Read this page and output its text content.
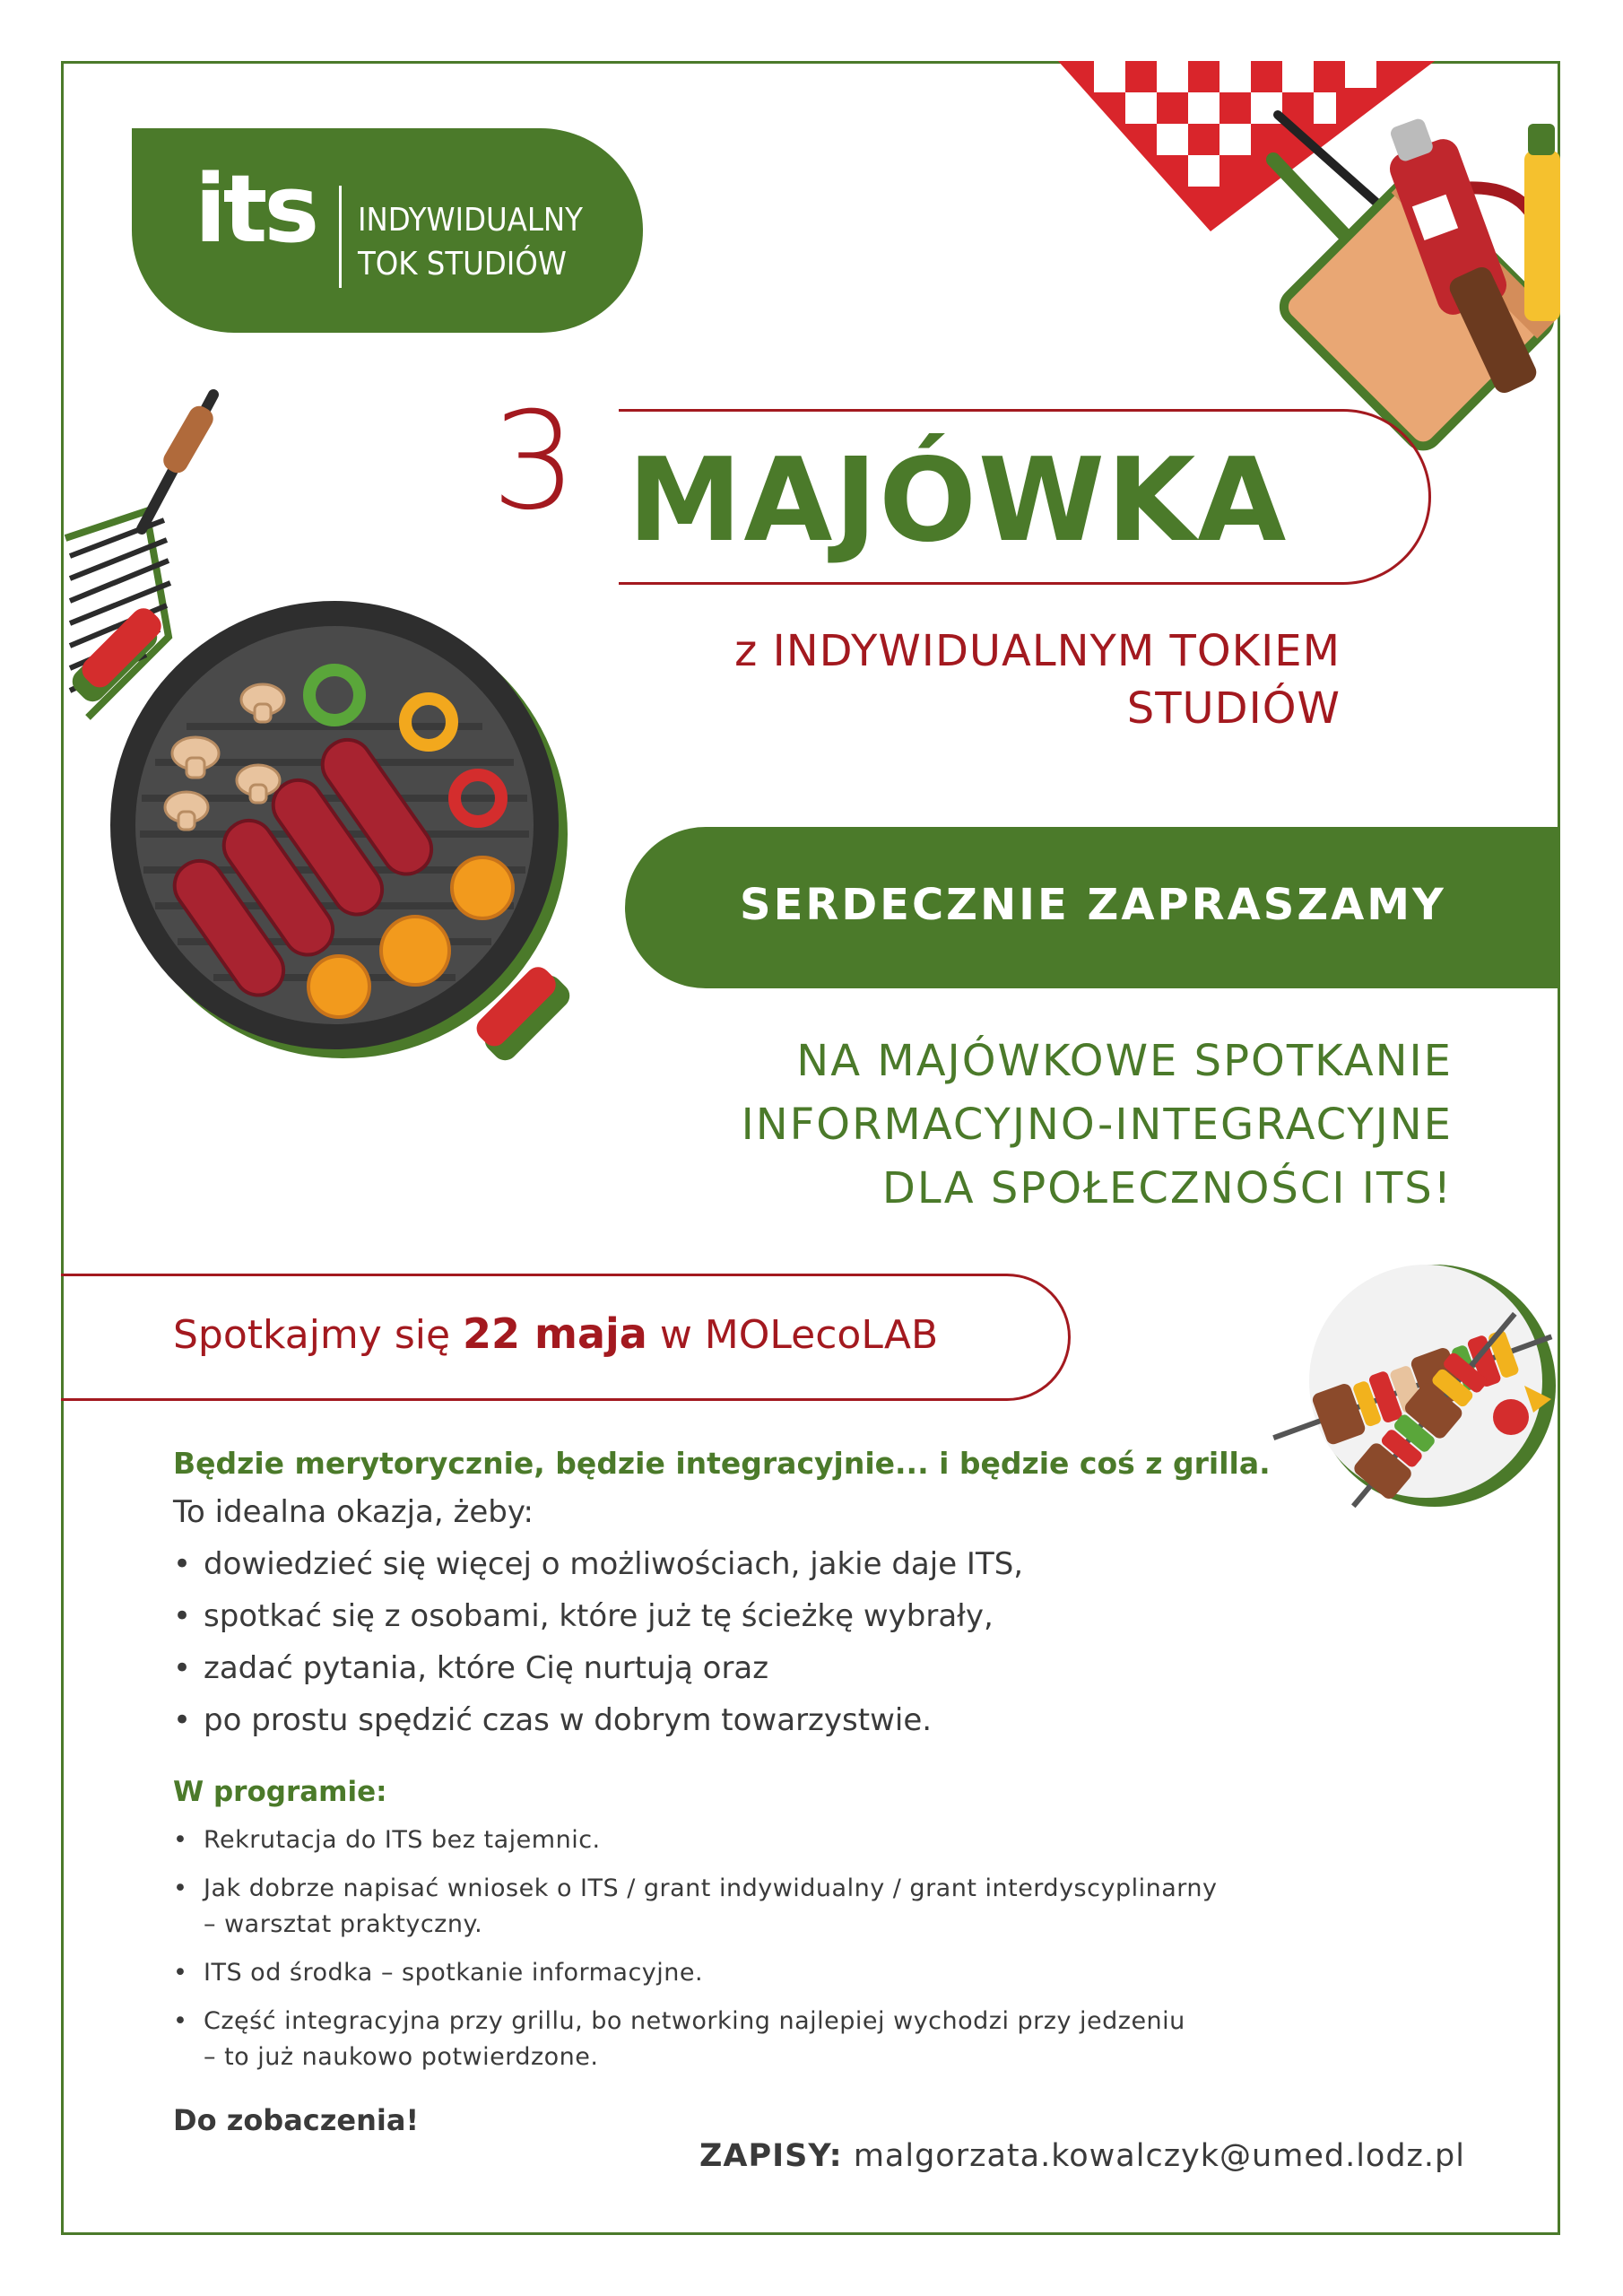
its INDYWIDUALNY
TOK STUDIÓW
3 MAJÓWKA
z INDYWIDUALNYM TOKIEM
STUDIÓW
SERDECZNIE ZAPRASZAMY
NA MAJÓWKOWE SPOTKANIE
INFORMACYJNO-INTEGRACYJNE
DLA SPOŁECZNOŚCI ITS!
Spotkajmy się 22 maja w MOLecoLAB
Będzie merytorycznie, będzie integracyjnie... i będzie coś z grilla.
To idealna okazja, żeby:
• dowiedzieć się więcej o możliwościach, jakie daje ITS,
• spotkać się z osobami, które już tę ścieżkę wybrały,
• zadać pytania, które Cię nurtują oraz
• po prostu spędzić czas w dobrym towarzystwie.
W programie:
• Rekrutacja do ITS bez tajemnic.
• Jak dobrze napisać wniosek o ITS / grant indywidualny / grant interdyscyplinarny
– warsztat praktyczny.
• ITS od środka – spotkanie informacyjne.
• Część integracyjna przy grillu, bo networking najlepiej wychodzi przy jedzeniu
– to już naukowo potwierdzone.
Do zobaczenia!
ZAPISY: malgorzata.kowalczyk@umed.lodz.pl
